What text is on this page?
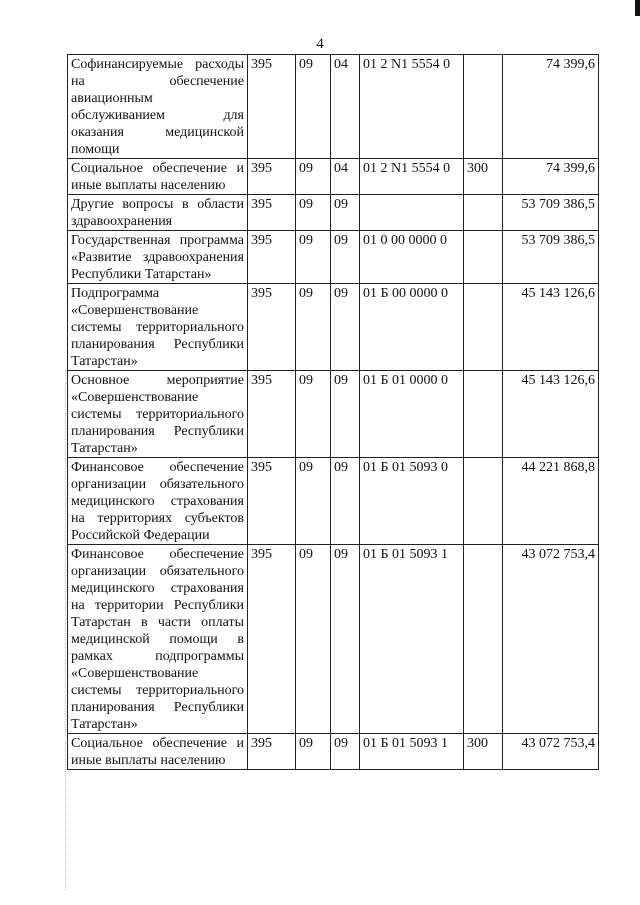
4
Софинансируемые расходы на обеспечение авиационным обслуживанием для оказания медицинской помощи	395	09	04	01 2 N1 5554 0		74 399,6
Социальное обеспечение и иные выплаты населению	395	09	04	01 2 N1 5554 0	300	74 399,6
Другие вопросы в области здравоохранения	395	09	09			53 709 386,5
Государственная программа «Развитие здравоохранения Республики Татарстан»	395	09	09	01 0 00 0000 0		53 709 386,5
Подпрограмма «Совершенствование системы территориального планирования Республики Татарстан»	395	09	09	01 Б 00 0000 0		45 143 126,6
Основное мероприятие «Совершенствование системы территориального планирования Республики Татарстан»	395	09	09	01 Б 01 0000 0		45 143 126,6
Финансовое обеспечение организации обязательного медицинского страхования на территориях субъектов Российской Федерации	395	09	09	01 Б 01 5093 0		44 221 868,8
Финансовое обеспечение организации обязательного медицинского страхования на территории Республики Татарстан в части оплаты медицинской помощи в рамках подпрограммы «Совершенствование системы территориального планирования Республики Татарстан»	395	09	09	01 Б 01 5093 1		43 072 753,4
Социальное обеспечение и иные выплаты населению	395	09	09	01 Б 01 5093 1	300	43 072 753,4
